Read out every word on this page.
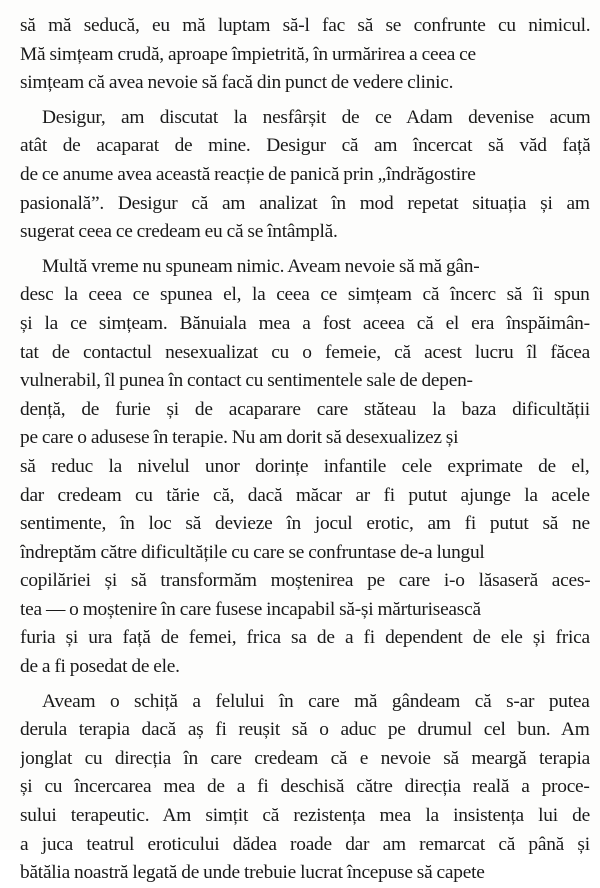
să mă seducă, eu mă luptam să-l fac să se confrunte cu nimicul.
Mă simțeam crudă, aproape împietrită, în urmărirea a ceea ce
simțeam că avea nevoie să facă din punct de vedere clinic.
Desigur, am discutat la nesfârșit de ce Adam devenise acum
atât de acaparat de mine. Desigur că am încercat să văd față
de ce anume avea această reacție de panică prin „îndrăgostire
pasională”. Desigur că am analizat în mod repetat situația și am
sugerat ceea ce credeam eu că se întâmplă.
Multă vreme nu spuneam nimic. Aveam nevoie să mă gân-
desc la ceea ce spunea el, la ceea ce simțeam că încerc să îi spun
și la ce simțeam. Bănuiala mea a fost aceea că el era înspăimân-
tat de contactul nesexualizat cu o femeie, că acest lucru îl făcea
vulnerabil, îl punea în contact cu sentimentele sale de depen-
dență, de furie și de acaparare care stăteau la baza dificultății
pe care o adusese în terapie. Nu am dorit să desexualizez și
să reduc la nivelul unor dorințe infantile cele exprimate de el,
dar credeam cu tărie că, dacă măcar ar fi putut ajunge la acele
sentimente, în loc să devieze în jocul erotic, am fi putut să ne
îndreptăm către dificultățile cu care se confruntase de-a lungul
copilăriei și să transformăm moștenirea pe care i-o lăsaseră aces-
tea — o moștenire în care fusese incapabil să-și mărturisească
furia și ura față de femei, frica sa de a fi dependent de ele și frica
de a fi posedat de ele.
Aveam o schiță a felului în care mă gândeam că s-ar putea
derula terapia dacă aș fi reușit să o aduc pe drumul cel bun. Am
jonglat cu direcția în care credeam că e nevoie să meargă terapia
și cu încercarea mea de a fi deschisă către direcția reală a proce-
sului terapeutic. Am simțit că rezistența mea la insistența lui de
a juca teatrul eroticului dădea roade dar am remarcat că până și
bătălia noastră legată de unde trebuie lucrat începuse să capete
